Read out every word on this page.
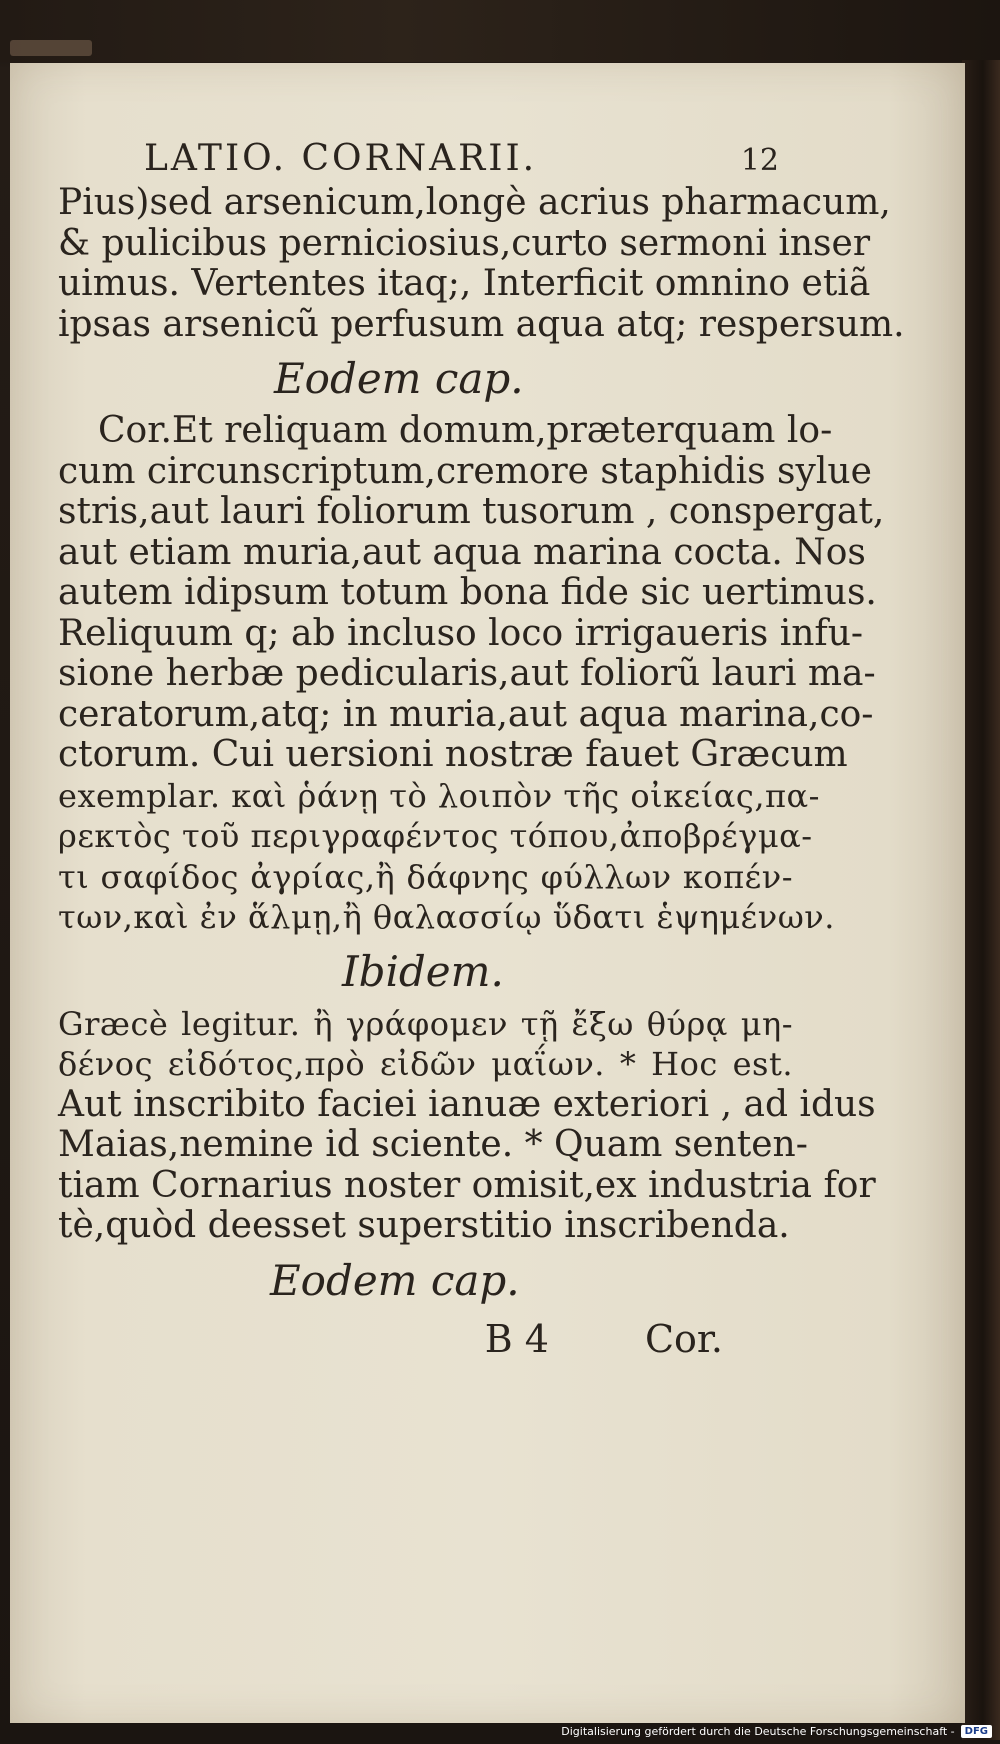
LATIO. CORNARII.	12
Pius)sed arsenicum,longè acrius pharmacum,
& pulicibus perniciosius,curto sermoni inser
uimus. Vertentes itaq;, Interficit omnino etiã
ipsas arsenicũ perfusum aqua atq; respersum.
Eodem cap.
Cor.Et reliquam domum,præterquam lo-
cum circunscriptum,cremore staphidis sylue
stris,aut lauri foliorum tusorum , conspergat,
aut etiam muria,aut aqua marina cocta. Nos
autem idipsum totum bona fide sic uertimus.
Reliquum q; ab incluso loco irrigaueris infu-
sione herbæ pedicularis,aut foliorũ lauri ma-
ceratorum,atq; in muria,aut aqua marina,co-
ctorum. Cui uersioni nostræ fauet Græcum
exemplar. καὶ ῥάνῃ τὸ λοιπὸν τῆς οἰκείας,πα-
ρεκτὸς τοῦ περιγραφέντος τόπου,ἀποβρέγμα-
τι σαφίδος ἀγρίας,ἢ δάφνης φύλλων κοπέν-
των,καὶ ἐν ἅλμῃ,ἢ θαλασσίῳ ὕδατι ἑψημένων.
Ibidem.
Græcè legitur. ἢ γράφομεν τῇ ἔξω θύρᾳ μη-
δένος εἰδότος,πρὸ εἰδῶν μαΐων. * Hoc est.
Aut inscribito faciei ianuæ exteriori , ad idus
Maias,nemine id sciente. * Quam senten-
tiam Cornarius noster omisit,ex industria for
tè,quòd deesset superstitio inscribenda.
Eodem cap.
B 4	Cor.
Digitalisierung gefördert durch die Deutsche Forschungsgemeinschaft -	DFG
